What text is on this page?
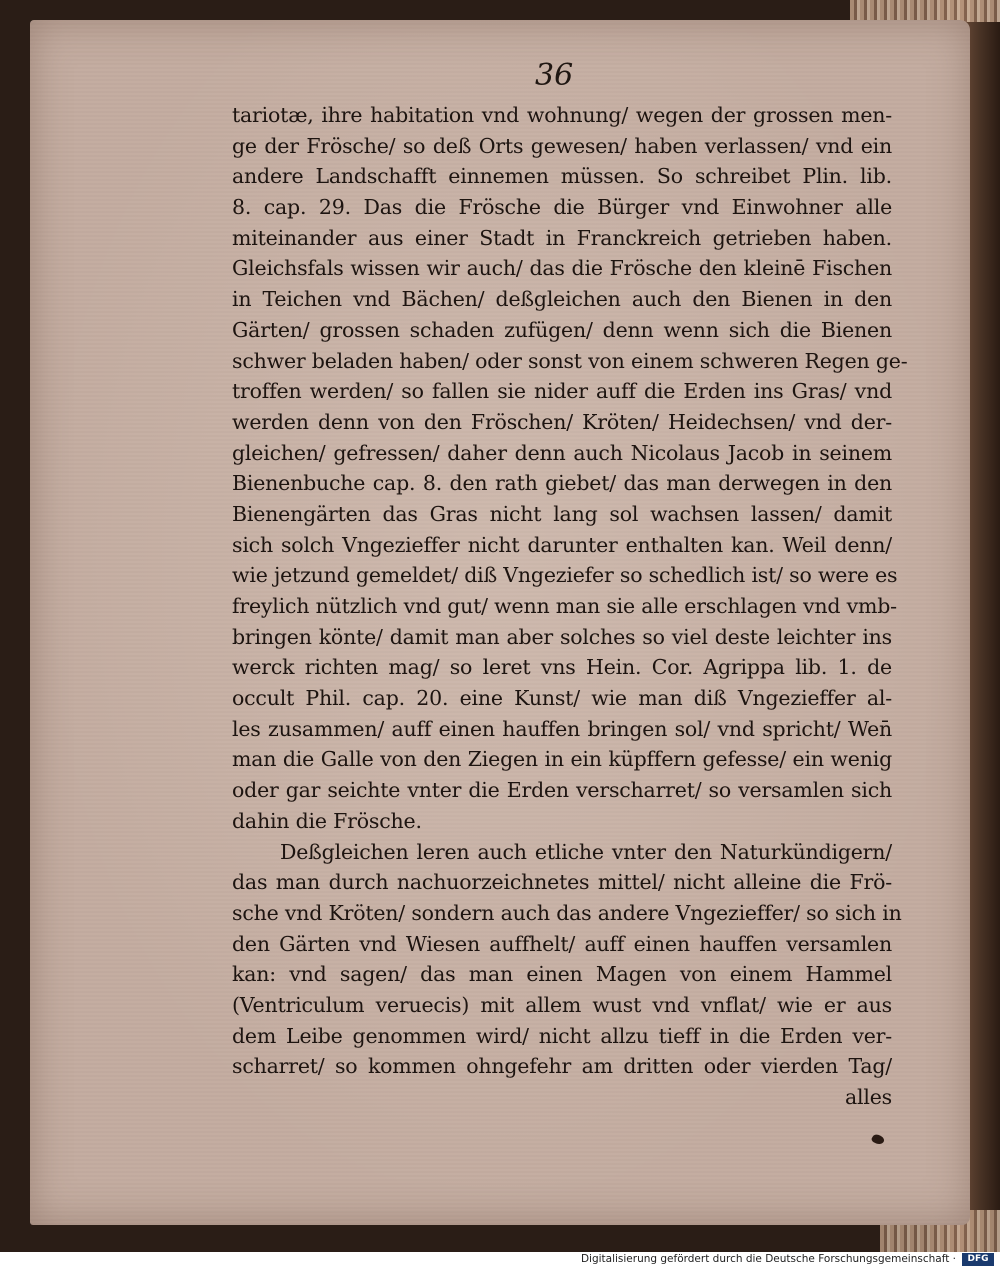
36
tariotæ, ihre habitation vnd wohnung/ wegen der grossen men-
ge der Frösche/ so deß Orts gewesen/ haben verlassen/ vnd ein
andere Landschafft einnemen müssen. So schreibet Plin. lib.
8. cap. 29. Das die Frösche die Bürger vnd Einwohner alle
miteinander aus einer Stadt in Franckreich getrieben haben.
Gleichsfals wissen wir auch/ das die Frösche den kleinē Fischen
in Teichen vnd Bächen/ deßgleichen auch den Bienen in den
Gärten/ grossen schaden zufügen/ denn wenn sich die Bienen
schwer beladen haben/ oder sonst von einem schweren Regen ge-
troffen werden/ so fallen sie nider auff die Erden ins Gras/ vnd
werden denn von den Fröschen/ Kröten/ Heidechsen/ vnd der-
gleichen/ gefressen/ daher denn auch Nicolaus Jacob in seinem
Bienenbuche cap. 8. den rath giebet/ das man derwegen in den
Bienengärten das Gras nicht lang sol wachsen lassen/ damit
sich solch Vngezieffer nicht darunter enthalten kan. Weil denn/
wie jetzund gemeldet/ diß Vngeziefer so schedlich ist/ so were es
freylich nützlich vnd gut/ wenn man sie alle erschlagen vnd vmb-
bringen könte/ damit man aber solches so viel deste leichter ins
werck richten mag/ so leret vns Hein. Cor. Agrippa lib. 1. de
occult Phil. cap. 20. eine Kunst/ wie man diß Vngezieffer al-
les zusammen/ auff einen hauffen bringen sol/ vnd spricht/ Wen̄
man die Galle von den Ziegen in ein küpffern gefesse/ ein wenig
oder gar seichte vnter die Erden verscharret/ so versamlen sich
dahin die Frösche.
Deßgleichen leren auch etliche vnter den Naturkündigern/
das man durch nachuorzeichnetes mittel/ nicht alleine die Frö-
sche vnd Kröten/ sondern auch das andere Vngezieffer/ so sich in
den Gärten vnd Wiesen auffhelt/ auff einen hauffen versamlen
kan: vnd sagen/ das man einen Magen von einem Hammel
(Ventriculum veruecis) mit allem wust vnd vnflat/ wie er aus
dem Leibe genommen wird/ nicht allzu tieff in die Erden ver-
scharret/ so kommen ohngefehr am dritten oder vierden Tag/
alles
Digitalisierung gefördert durch die Deutsche Forschungsgemeinschaft ·	DFG
